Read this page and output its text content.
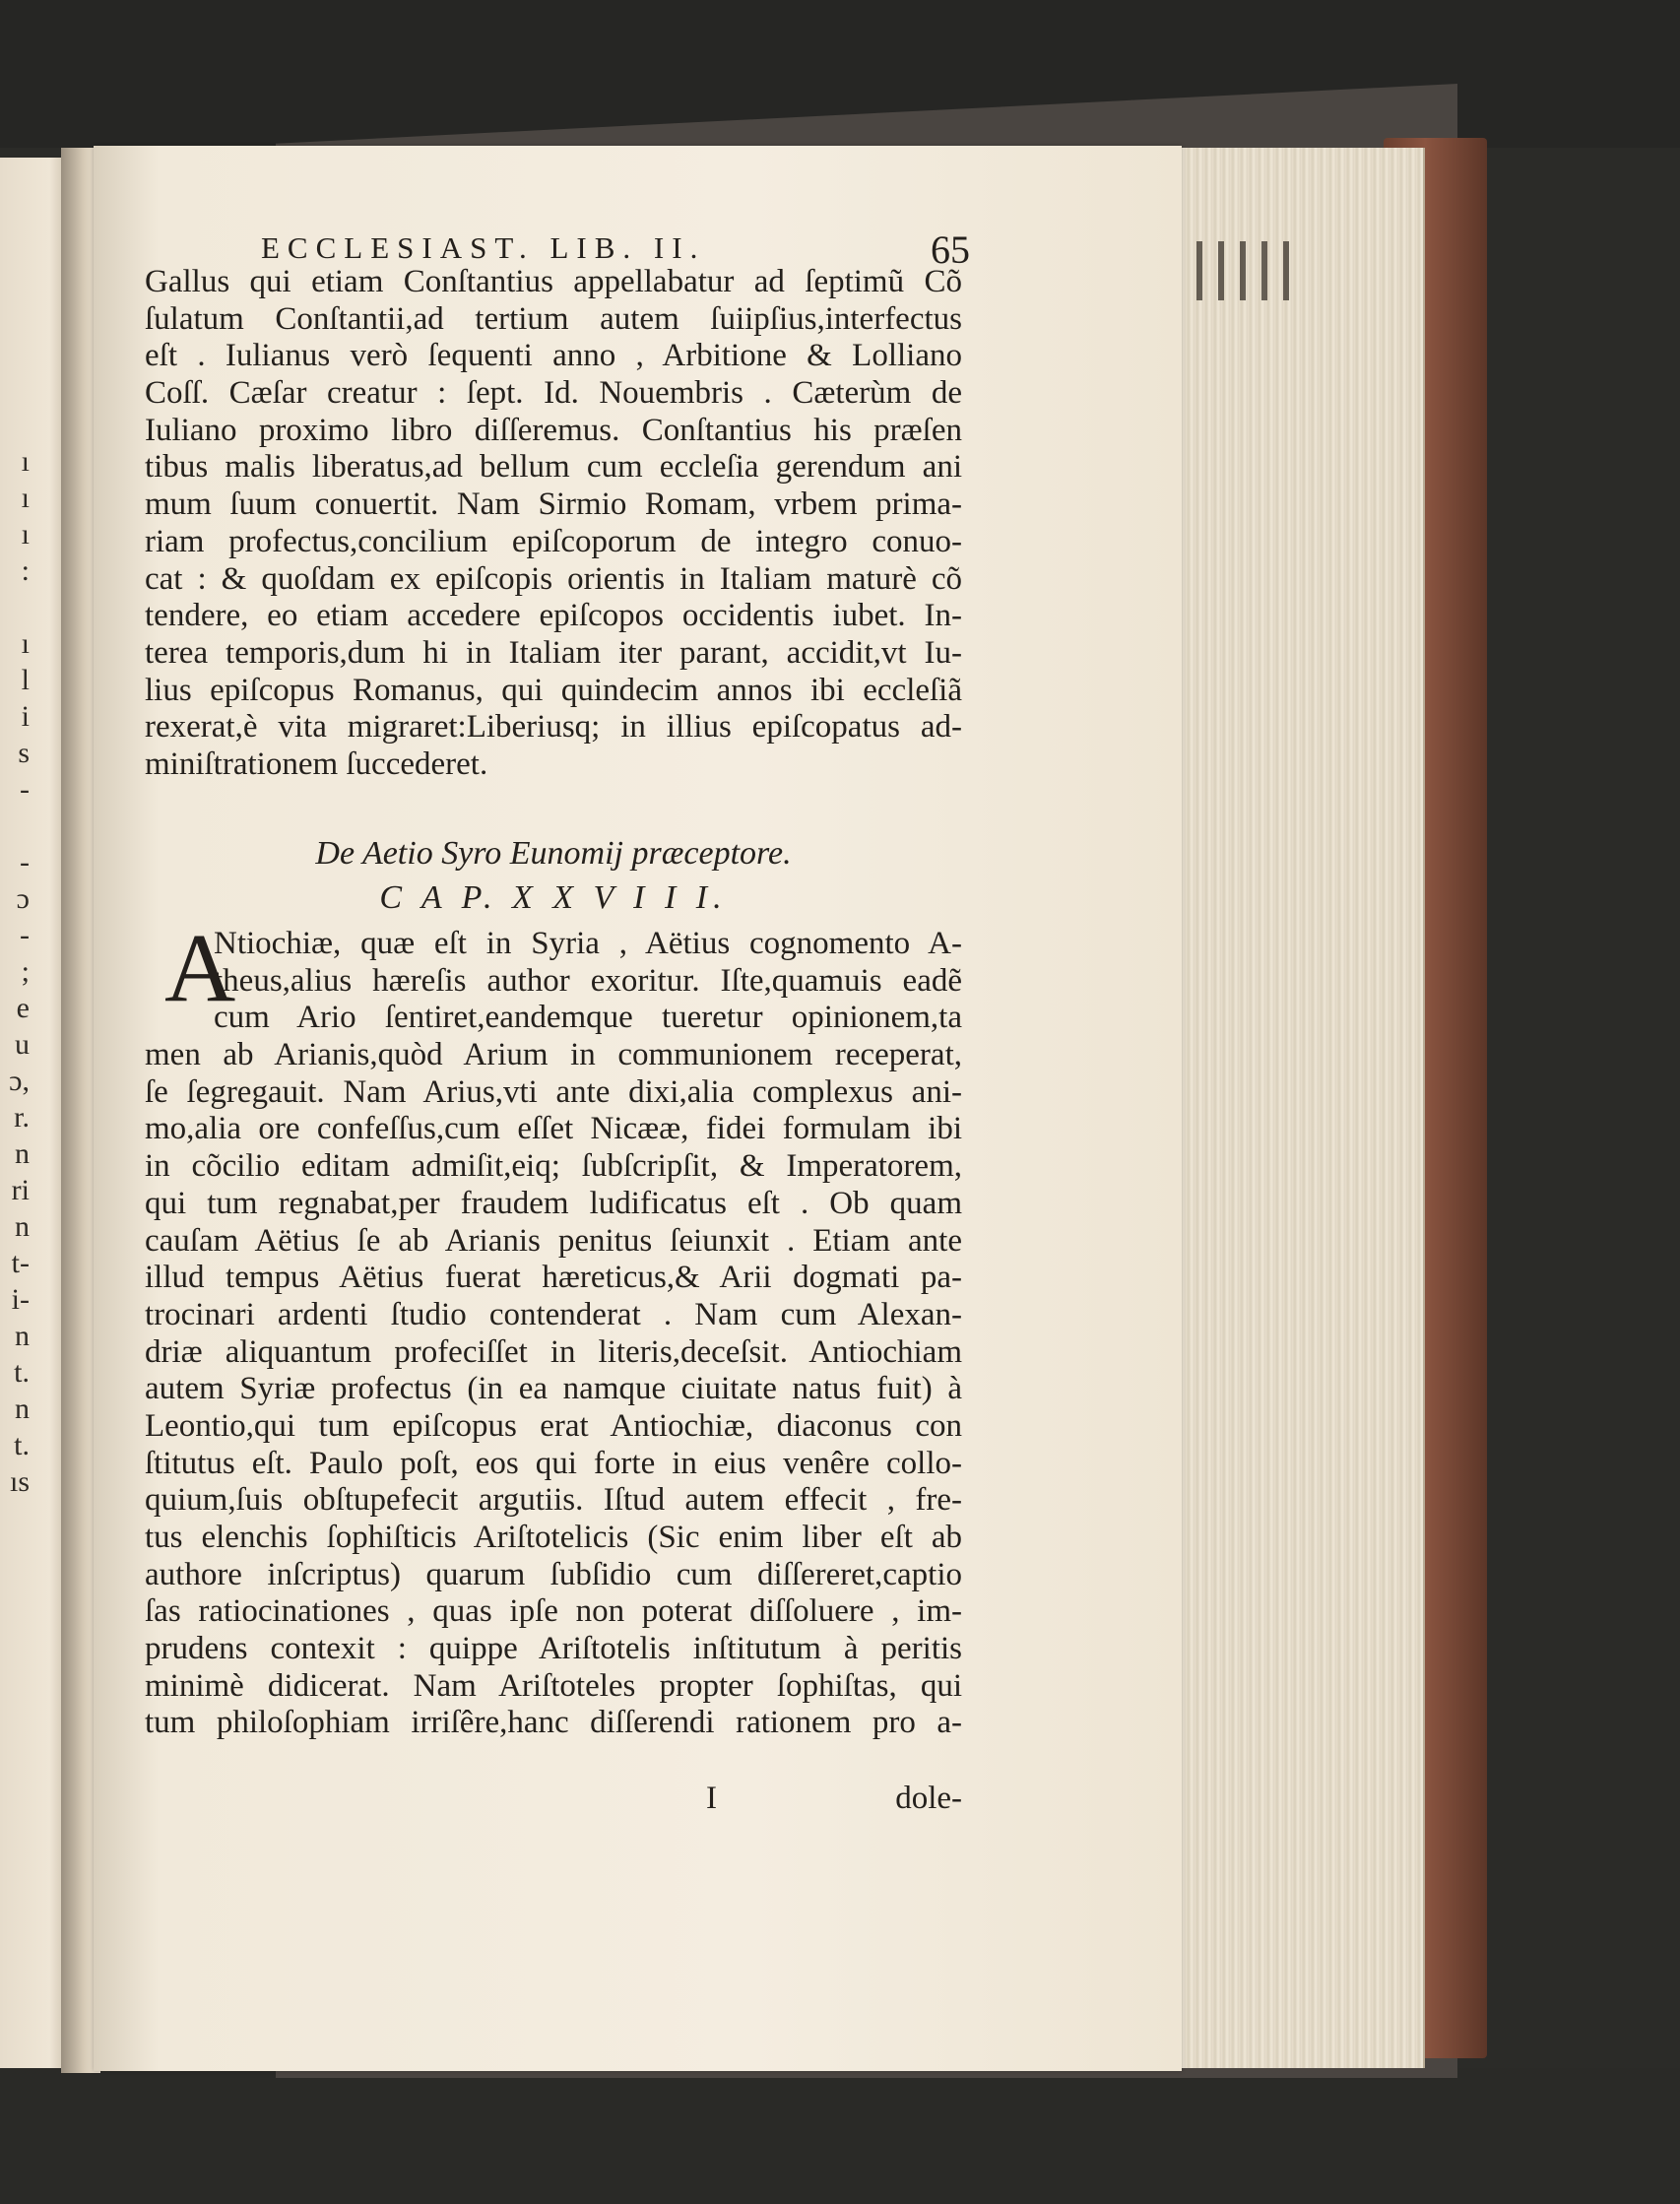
ı
ı
ı
:
ı
l
i
s
-
-
ɔ
-
;
e
u
ɔ,
r.
n
ri
n
t-
i-
n
t.
n
t.
ıs
ECCLESIAST. LIB. II.	65
Gallus qui etiam Conſtantius appellabatur ad ſeptimũ Cõ
ſulatum Conſtantii,ad tertium autem ſuiipſius,interfectus
eſt . Iulianus verò ſequenti anno , Arbitione & Lolliano
Coſſ. Cæſar creatur : ſept. Id. Nouembris . Cæterùm de
Iuliano proximo libro diſſeremus. Conſtantius his præſen
tibus malis liberatus,ad bellum cum eccleſia gerendum ani
mum ſuum conuertit. Nam Sirmio Romam, vrbem prima-
riam profectus,concilium epiſcoporum de integro conuo-
cat : & quoſdam ex epiſcopis orientis in Italiam maturè cõ
tendere, eo etiam accedere epiſcopos occidentis iubet. In-
terea temporis,dum hi in Italiam iter parant, accidit,vt Iu-
lius epiſcopus Romanus, qui quindecim annos ibi eccleſiã
rexerat,è vita migraret:Liberiusq; in illius epiſcopatus ad-
miniſtrationem ſuccederet.
De Aetio Syro Eunomij præceptore.
C A P. X X V I I I.
A
Ntiochiæ, quæ eſt in Syria , Aëtius cognomento A-
theus,alius hæreſis author exoritur. Iſte,quamuis eadẽ
cum Ario ſentiret,eandemque tueretur opinionem,ta
men ab Arianis,quòd Arium in communionem receperat,
ſe ſegregauit. Nam Arius,vti ante dixi,alia complexus ani-
mo,alia ore confeſſus,cum eſſet Nicææ, fidei formulam ibi
in cõcilio editam admiſit,eiq; ſubſcripſit, & Imperatorem,
qui tum regnabat,per fraudem ludificatus eſt . Ob quam
cauſam Aëtius ſe ab Arianis penitus ſeiunxit . Etiam ante
illud tempus Aëtius fuerat hæreticus,& Arii dogmati pa-
trocinari ardenti ſtudio contenderat . Nam cum Alexan-
driæ aliquantum profeciſſet in literis,deceſsit. Antiochiam
autem Syriæ profectus (in ea namque ciuitate natus fuit) à
Leontio,qui tum epiſcopus erat Antiochiæ, diaconus con
ſtitutus eſt. Paulo poſt, eos qui forte in eius venêre collo-
quium,ſuis obſtupefecit argutiis. Iſtud autem effecit , fre-
tus elenchis ſophiſticis Ariſtotelicis (Sic enim liber eſt ab
authore inſcriptus) quarum ſubſidio cum diſſereret,captio
ſas ratiocinationes , quas ipſe non poterat diſſoluere , im-
prudens contexit : quippe Ariſtotelis inſtitutum à peritis
minimè didicerat. Nam Ariſtoteles propter ſophiſtas, qui
tum philoſophiam irriſêre,hanc diſſerendi rationem pro a-
I	dole-
